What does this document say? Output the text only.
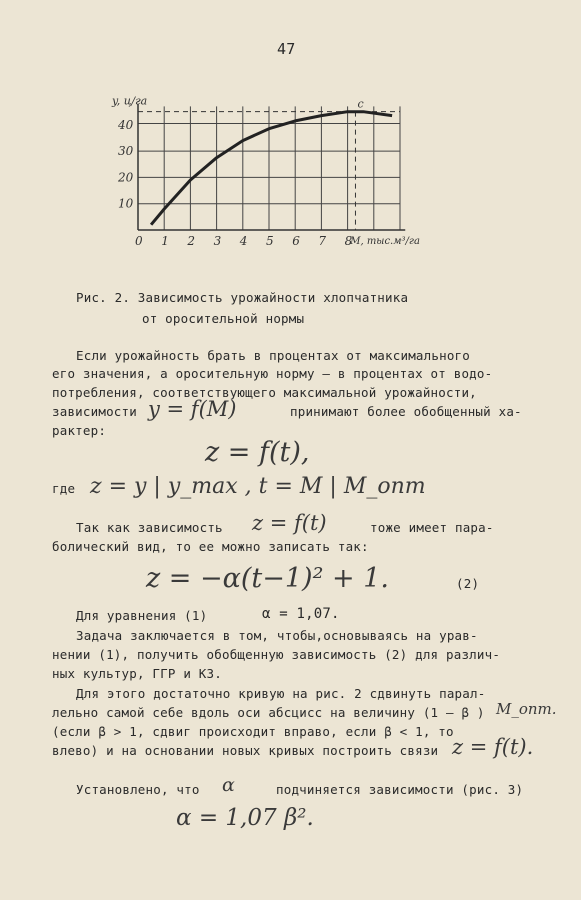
47
0 1 2 3 4 5 6 7 8
10
20
30
40
y, ц/га
M, тыс.м³/га
c
Рис. 2. Зависимость урожайности хлопчатника
от оросительной нормы
Если урожайность брать в процентах от максимального
его значения, а оросительную норму – в процентах от водо-
потребления, соответствующего максимальной урожайности,
зависимости y = f(M)	принимают более обобщенный ха-
рактер:
z = f(t),
где z = y | y_max , t = M | M_опт
Так как зависимость z = f(t)	тоже имеет пара-
болический вид, то ее можно записать так:
z = −α(t−1)² + 1.	(2)
Для уравнения (1)	α = 1,07.
Задача заключается в том, чтобы,основываясь на урав-
нении (1), получить обобщенную зависимость (2) для различ-
ных культур, ГГР и КЗ.
Для этого достаточно кривую на рис. 2 сдвинуть парал-
лельно самой себе вдоль оси абсцисс на величину (1 – β ) M_опт.
(если β > 1, сдвиг происходит вправо, если β < 1, то
влево) и на основании новых кривых построить связи z = f(t).
Установлено, что α	подчиняется зависимости (рис. 3)
α = 1,07 β².
